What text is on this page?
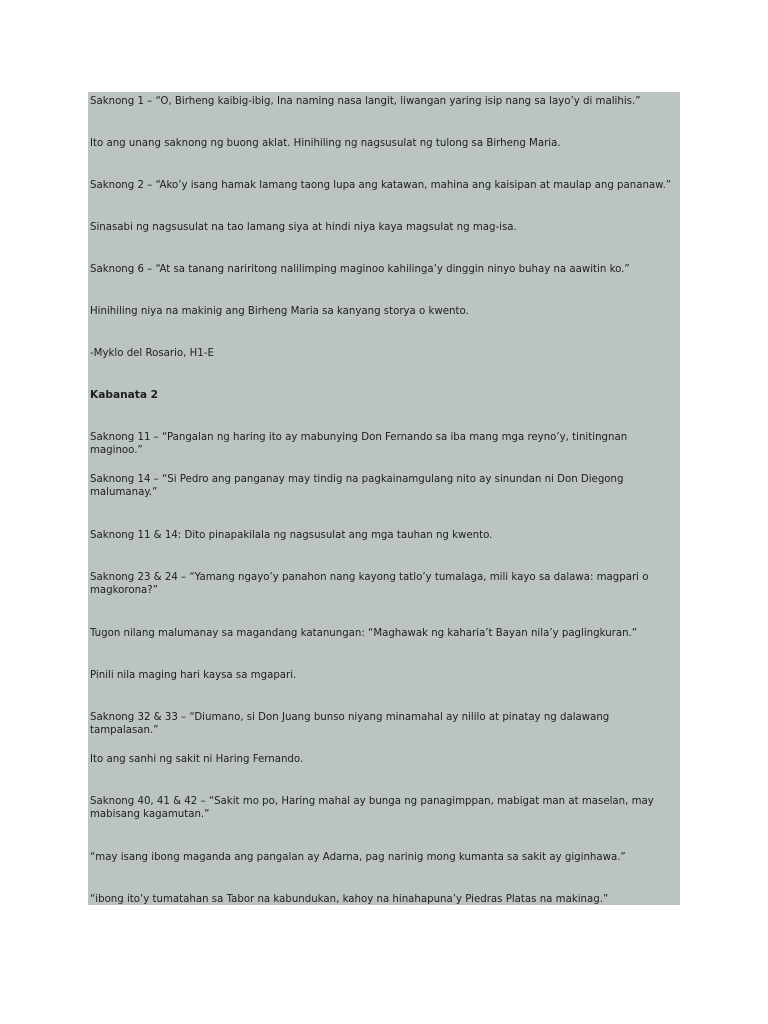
Saknong 1 – “O, Birheng kaibig-ibig, Ina naming nasa langit, liwangan yaring isip nang sa layo’y di malihis.”
Ito ang unang saknong ng buong aklat. Hinihiling ng nagsusulat ng tulong sa Birheng Maria.
Saknong 2 – “Ako’y isang hamak lamang taong lupa ang katawan, mahina ang kaisipan at maulap ang pananaw.”
Sinasabi ng nagsusulat na tao lamang siya at hindi niya kaya magsulat ng mag-isa.
Saknong 6 – “At sa tanang nariritong nalilimping maginoo kahilinga’y dinggin ninyo buhay na aawitin ko.”
Hinihiling niya na makinig ang Birheng Maria sa kanyang storya o kwento.
-Myklo del Rosario, H1-E
Kabanata 2
Saknong 11 – “Pangalan ng haring ito ay mabunying Don Fernando sa iba mang mga reyno’y, tinitingnan maginoo.”
Saknong 14 – “Si Pedro ang panganay may tindig na pagkainamgulang nito ay sinundan ni Don Diegong malumanay.”
Saknong 11 & 14: Dito pinapakilala ng nagsusulat ang mga tauhan ng kwento.
Saknong 23 & 24 – “Yamang ngayo’y panahon nang kayong tatlo’y tumalaga, mili kayo sa dalawa: magpari o magkorona?”
Tugon nilang malumanay sa magandang katanungan: “Maghawak ng kaharia’t Bayan nila’y paglingkuran.”
Pinili nila maging hari kaysa sa mgapari.
Saknong 32 & 33 – “Diumano, si Don Juang bunso niyang minamahal ay nililo at pinatay ng dalawang tampalasan.”
Ito ang sanhi ng sakit ni Haring Fernando.
Saknong 40, 41 & 42 – “Sakit mo po, Haring mahal ay bunga ng panagimppan, mabigat man at maselan, may mabisang kagamutan.”
“may isang ibong maganda ang pangalan ay Adarna, pag narinig mong kumanta sa sakit ay giginhawa.”
“ibong ito’y tumatahan sa Tabor na kabundukan, kahoy na hinahapuna’y Piedras Platas na makinag.”
